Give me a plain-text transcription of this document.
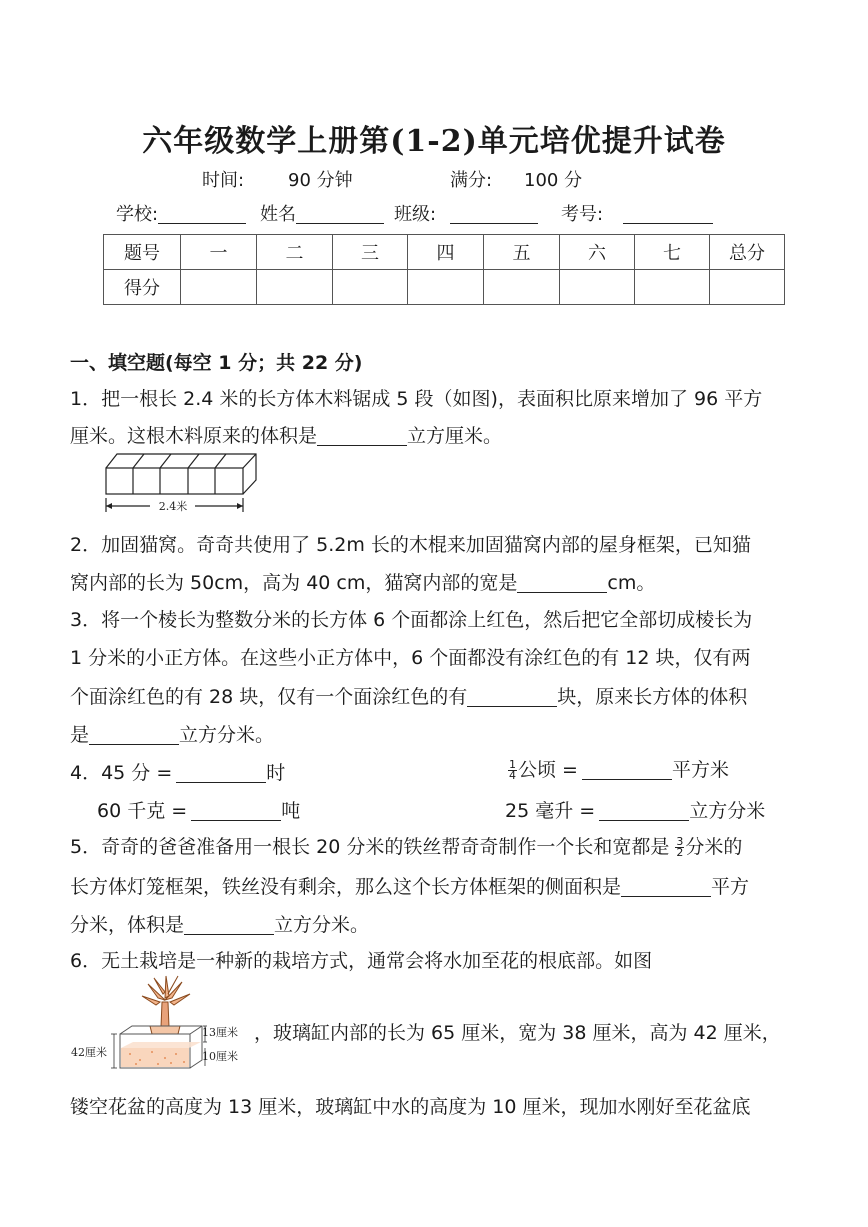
六年级数学上册第(1-2)单元培优提升试卷
时间: 90 分钟	满分: 100 分
学校:	姓名	班级:	考号:
题号	一	二	三	四	五	六	七	总分
得分								
一、填空题(每空 1 分；共 22 分)
1．把一根长 2.4 米的长方体木料锯成 5 段（如图)，表面积比原来增加了 96 平方
厘米。这根木料原来的体积是	立方厘米。
2.4米
2．加固猫窝。奇奇共使用了 5.2m 长的木棍来加固猫窝内部的屋身框架，已知猫
窝内部的长为 50cm，高为 40 cm，猫窝内部的宽是	cm。
3．将一个棱长为整数分米的长方体 6 个面都涂上红色，然后把它全部切成棱长为
1 分米的小正方体。在这些小正方体中，6 个面都没有涂红色的有 12 块，仅有两
个面涂红色的有 28 块，仅有一个面涂红色的有	块，原来长方体的体积
是	立方分米。
4．45 分 =	时	$\frac{1}{4}$ 公顷 =	平方米
60 千克 =	吨	25 毫升 =	立方分米
5．奇奇的爸爸准备用一根长 20 分米的铁丝帮奇奇制作一个长和宽都是 $\frac{3}{2}$ 分米的
长方体灯笼框架，铁丝没有剩余，那么这个长方体框架的侧面积是	平方
分米，体积是	立方分米。
6．无土栽培是一种新的栽培方式，通常会将水加至花的根底部。如图
42厘米
13厘米
10厘米
，玻璃缸内部的长为 65 厘米，宽为 38 厘米，高为 42 厘米，
镂空花盆的高度为 13 厘米，玻璃缸中水的高度为 10 厘米，现加水刚好至花盆底
